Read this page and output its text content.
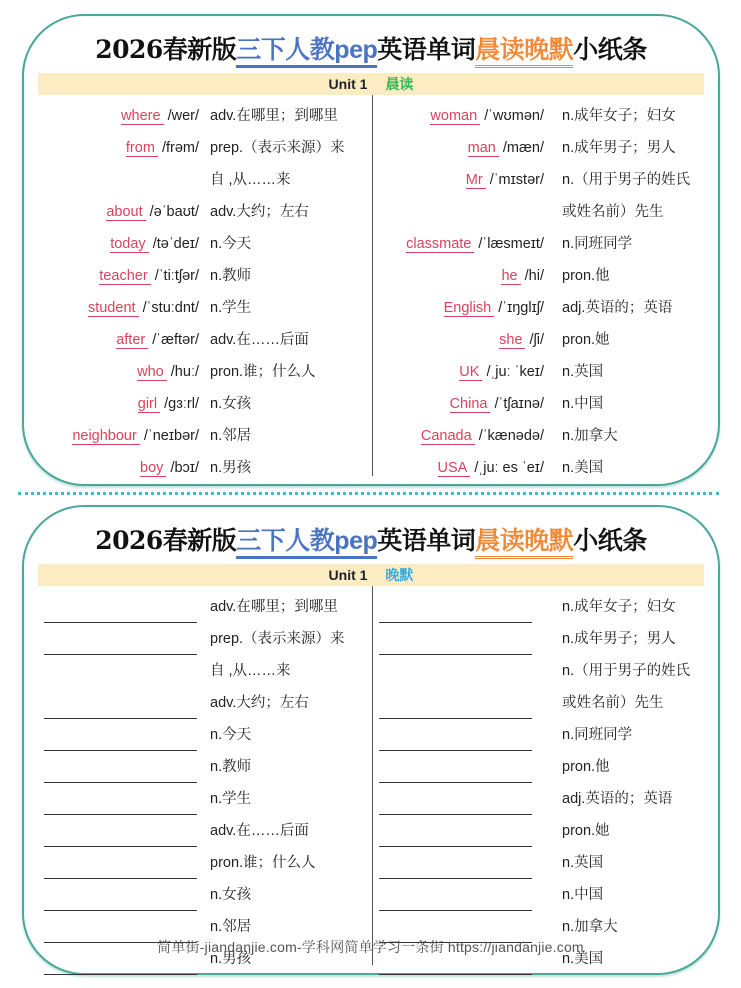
2026春新版三下人教pep英语单词晨读晚默小纸条
Unit 1 晨读
where /wer/ adv.在哪里；到哪里
from /frəm/ prep.（表示来源）来
自 ,从……来
about /əˈbaʊt/ adv.大约；左右
today /təˈdeɪ/ n.今天
teacher /ˈtiːtʃər/ n.教师
student /ˈstuːdnt/ n.学生
after /ˈæftər/ adv.在……后面
who /huː/ pron.谁；什么人
girl /gɜːrl/ n.女孩
neighbour /ˈneɪbər/ n.邻居
boy /bɔɪ/ n.男孩
woman /ˈwʊmən/ n.成年女子；妇女
man /mæn/ n.成年男子；男人
Mr /ˈmɪstər/ n.（用于男子的姓氏
或姓名前）先生
classmate /ˈlæsmeɪt/ n.同班同学
he /hi/ pron.他
English /ˈɪŋglɪʃ/ adj.英语的；英语
she /ʃi/ pron.她
UK /ˌjuː ˈkeɪ/ n.英国
China /ˈtʃaɪnə/ n.中国
Canada /ˈkænədə/ n.加拿大
USA /ˌjuː es ˈeɪ/ n.美国
2026春新版三下人教pep英语单词晨读晚默小纸条
Unit 1 晚默
adv.在哪里；到哪里
prep.（表示来源）来
自 ,从……来
adv.大约；左右
n.今天
n.教师
n.学生
adv.在……后面
pron.谁；什么人
n.女孩
n.邻居
n.男孩
n.成年女子；妇女
n.成年男子；男人
n.（用于男子的姓氏
或姓名前）先生
n.同班同学
pron.他
adj.英语的；英语
pron.她
n.英国
n.中国
n.加拿大
n.美国
简单街-jiandanjie.com-学科网简单学习一条街 https://jiandanjie.com
